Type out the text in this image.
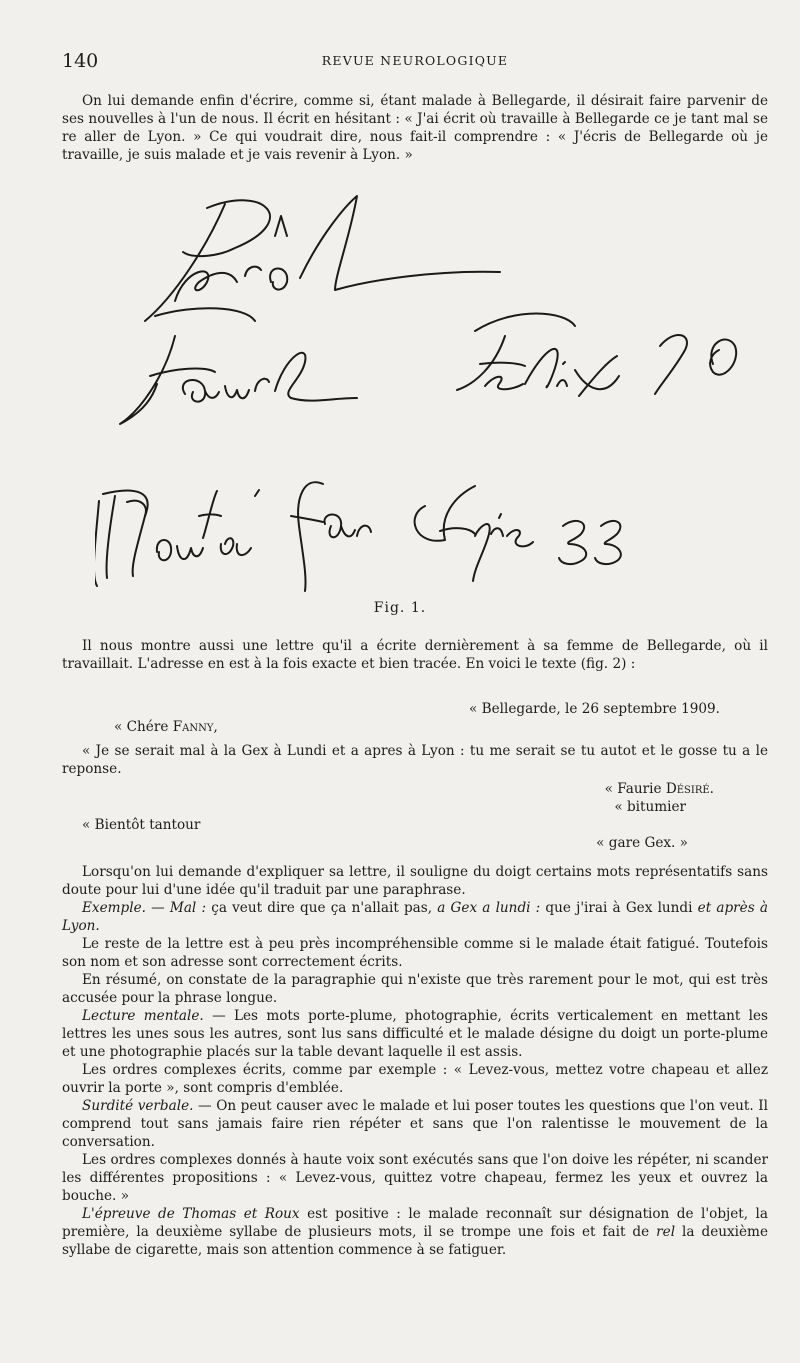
140	REVUE NEUROLOGIQUE

On lui demande enfin d'écrire, comme si, étant malade à Bellegarde, il désirait faire parvenir de ses nouvelles à l'un de nous. Il écrit en hésitant : « J'ai écrit où travaille à Bellegarde ce je tant mal se re aller de Lyon. » Ce qui voudrait dire, nous fait-il comprendre : « J'écris de Bellegarde où je travaille, je suis malade et je vais revenir à Lyon. »

Fig. 1.

Il nous montre aussi une lettre qu'il a écrite dernièrement à sa femme de Bellegarde, où il travaillait. L'adresse en est à la fois exacte et bien tracée. En voici le texte (fig. 2) :

« Bellegarde, le 26 septembre 1909.
« Chére Fanny,
« Je se serait mal à la Gex à Lundi et a apres à Lyon : tu me serait se tu autot et le gosse tu a le reponse.
« Faurie Désiré.
« bitumier
« Bientôt tantour
« gare Gex. »

Lorsqu'on lui demande d'expliquer sa lettre, il souligne du doigt certains mots représentatifs sans doute pour lui d'une idée qu'il traduit par une paraphrase.

Exemple. — Mal : ça veut dire que ça n'allait pas, a Gex a lundi : que j'irai à Gex lundi et après à Lyon.

Le reste de la lettre est à peu près incompréhensible comme si le malade était fatigué. Toutefois son nom et son adresse sont correctement écrits.

En résumé, on constate de la paragraphie qui n'existe que très rarement pour le mot, qui est très accusée pour la phrase longue.

Lecture mentale. — Les mots porte-plume, photographie, écrits verticalement en mettant les lettres les unes sous les autres, sont lus sans difficulté et le malade désigne du doigt un porte-plume et une photographie placés sur la table devant laquelle il est assis.

Les ordres complexes écrits, comme par exemple : « Levez-vous, mettez votre chapeau et allez ouvrir la porte », sont compris d'emblée.

Surdité verbale. — On peut causer avec le malade et lui poser toutes les questions que l'on veut. Il comprend tout sans jamais faire rien répéter et sans que l'on ralentisse le mouvement de la conversation.

Les ordres complexes donnés à haute voix sont exécutés sans que l'on doive les répéter, ni scander les différentes propositions : « Levez-vous, quittez votre chapeau, fermez les yeux et ouvrez la bouche. »

L'épreuve de Thomas et Roux est positive : le malade reconnaît sur désignation de l'objet, la première, la deuxième syllabe de plusieurs mots, il se trompe une fois et fait de rel la deuxième syllabe de cigarette, mais son attention commence à se fatiguer.
